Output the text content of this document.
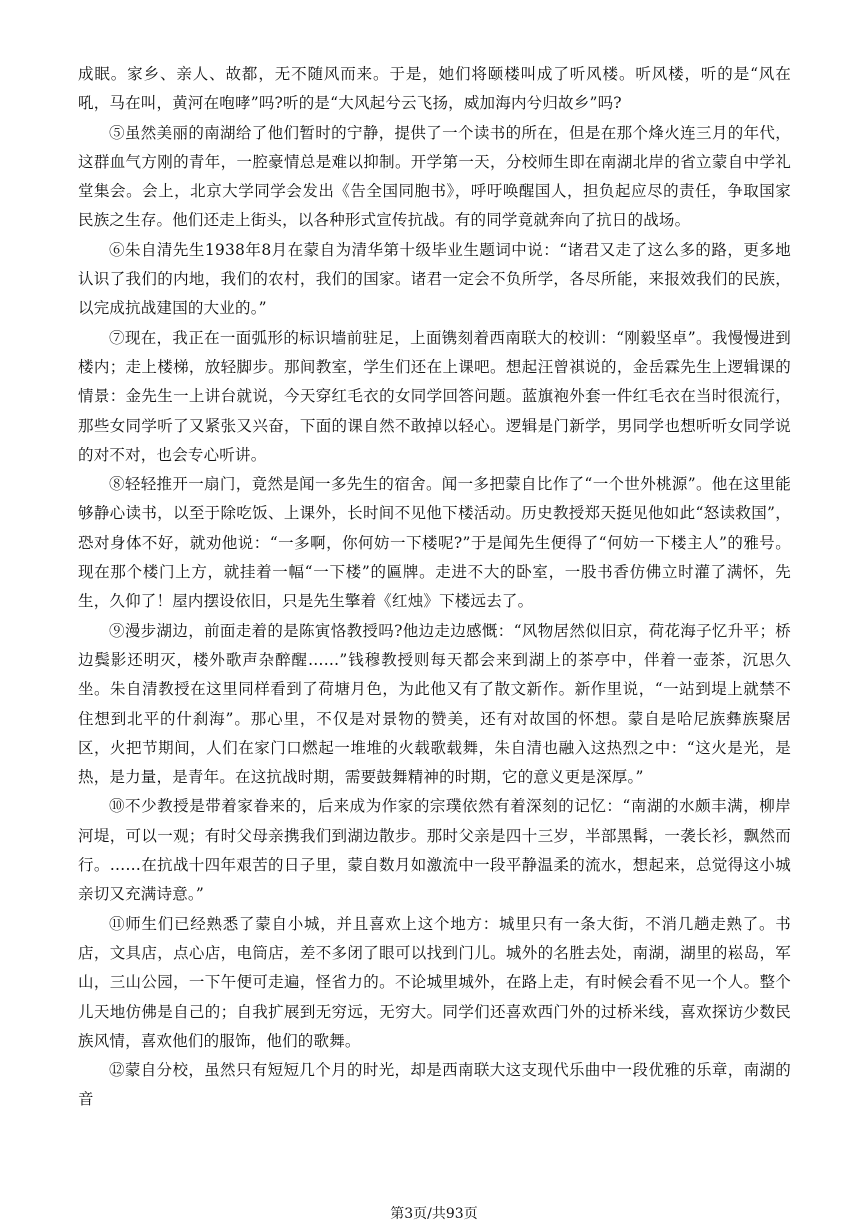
成眠。家乡、亲人、故都，无不随风而来。于是，她们将颐楼叫成了听风楼。听风楼，听的是“风在吼，马在叫，黄河在咆哮”吗?听的是“大风起兮云飞扬，威加海内兮归故乡”吗?

⑤虽然美丽的南湖给了他们暂时的宁静，提供了一个读书的所在，但是在那个烽火连三月的年代，这群血气方刚的青年，一腔豪情总是难以抑制。开学第一天，分校师生即在南湖北岸的省立蒙自中学礼堂集会。会上，北京大学同学会发出《告全国同胞书》，呼吁唤醒国人，担负起应尽的责任，争取国家民族之生存。他们还走上街头，以各种形式宣传抗战。有的同学竟就奔向了抗日的战场。

⑥朱自清先生1938年8月在蒙自为清华第十级毕业生题词中说：“诸君又走了这么多的路，更多地认识了我们的内地，我们的农村，我们的国家。诸君一定会不负所学，各尽所能，来报效我们的民族，以完成抗战建国的大业的。”

⑦现在，我正在一面弧形的标识墙前驻足，上面镌刻着西南联大的校训：“刚毅坚卓”。我慢慢进到楼内；走上楼梯，放轻脚步。那间教室，学生们还在上课吧。想起汪曾祺说的，金岳霖先生上逻辑课的情景：金先生一上讲台就说，今天穿红毛衣的女同学回答问题。蓝旗袍外套一件红毛衣在当时很流行，那些女同学听了又紧张又兴奋，下面的课自然不敢掉以轻心。逻辑是门新学，男同学也想听听女同学说的对不对，也会专心听讲。

⑧轻轻推开一扇门，竟然是闻一多先生的宿舍。闻一多把蒙自比作了“一个世外桃源”。他在这里能够静心读书，以至于除吃饭、上课外，长时间不见他下楼活动。历史教授郑天挺见他如此“怒读救国”，恐对身体不好，就劝他说：“一多啊，你何妨一下楼呢?”于是闻先生便得了“何妨一下楼主人”的雅号。现在那个楼门上方，就挂着一幅“一下楼”的匾牌。走进不大的卧室，一股书香仿佛立时灌了满怀，先生，久仰了！屋内摆设依旧，只是先生擎着《红烛》下楼远去了。

⑨漫步湖边，前面走着的是陈寅恪教授吗?他边走边感慨：“风物居然似旧京，荷花海子忆升平；桥边鬓影还明灭，楼外歌声杂醉醒……”钱穆教授则每天都会来到湖上的茶亭中，伴着一壶茶，沉思久坐。朱自清教授在这里同样看到了荷塘月色，为此他又有了散文新作。新作里说，“一站到堤上就禁不住想到北平的什刹海”。那心里，不仅是对景物的赞美，还有对故国的怀想。蒙自是哈尼族彝族聚居区，火把节期间，人们在家门口燃起一堆堆的火载歌载舞，朱自清也融入这热烈之中：“这火是光，是热，是力量，是青年。在这抗战时期，需要鼓舞精神的时期，它的意义更是深厚。”

⑩不少教授是带着家眷来的，后来成为作家的宗璞依然有着深刻的记忆：“南湖的水颇丰满，柳岸河堤，可以一观；有时父母亲携我们到湖边散步。那时父亲是四十三岁，半部黑髯，一袭长衫，飘然而行。……在抗战十四年艰苦的日子里，蒙自数月如激流中一段平静温柔的流水，想起来，总觉得这小城亲切又充满诗意。”

⑪师生们已经熟悉了蒙自小城，并且喜欢上这个地方：城里只有一条大街，不消几趟走熟了。书店，文具店，点心店，电筒店，差不多闭了眼可以找到门儿。城外的名胜去处，南湖，湖里的崧岛，军山，三山公园，一下午便可走遍，怪省力的。不论城里城外，在路上走，有时候会看不见一个人。整个儿天地仿佛是自己的；自我扩展到无穷远，无穷大。同学们还喜欢西门外的过桥米线，喜欢探访少数民族风情，喜欢他们的服饰，他们的歌舞。

⑫蒙自分校，虽然只有短短几个月的时光，却是西南联大这支现代乐曲中一段优雅的乐章，南湖的音

第3页/共93页
